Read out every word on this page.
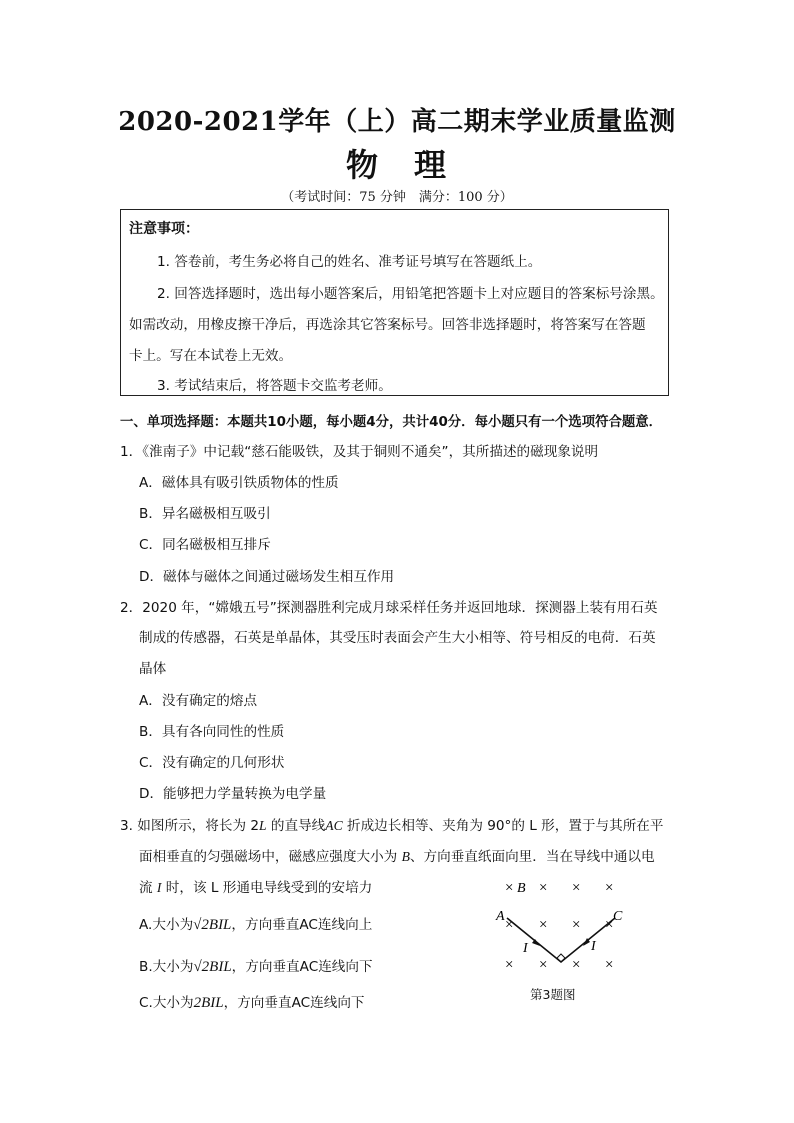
2020-2021学年（上）高二期末学业质量监测
物　理
（考试时间：75 分钟　满分：100 分）
注意事项：
1. 答卷前，考生务必将自己的姓名、准考证号填写在答题纸上。
2. 回答选择题时，选出每小题答案后，用铅笔把答题卡上对应题目的答案标号涂黑。
如需改动，用橡皮擦干净后，再选涂其它答案标号。回答非选择题时，将答案写在答题
卡上。写在本试卷上无效。
3. 考试结束后，将答题卡交监考老师。
一、单项选择题：本题共10小题，每小题4分，共计40分．每小题只有一个选项符合题意．
1．《淮南子》中记载“慈石能吸铁，及其于铜则不通矣”，其所描述的磁现象说明
A．磁体具有吸引铁质物体的性质
B．异名磁极相互吸引
C．同名磁极相互排斥
D．磁体与磁体之间通过磁场发生相互作用
2．2020 年，“嫦娥五号”探测器胜利完成月球采样任务并返回地球．探测器上装有用石英
制成的传感器，石英是单晶体，其受压时表面会产生大小相等、符号相反的电荷．石英
晶体
A．没有确定的熔点
B．具有各向同性的性质
C．没有确定的几何形状
D．能够把力学量转换为电学量
3. 如图所示，将长为 2L 的直导线AC 折成边长相等、夹角为 90°的 L 形，置于与其所在平
面相垂直的匀强磁场中，磁感应强度大小为 B、方向垂直纸面向里．当在导线中通以电
流 I 时，该 L 形通电导线受到的安培力
A.大小为√2BIL，方向垂直AC连线向上
B.大小为√2BIL，方向垂直AC连线向下
C.大小为2BIL，方向垂直AC连线向下
× B × × ×
× × × ×
× × × ×
A	C
I	I
第3题图
